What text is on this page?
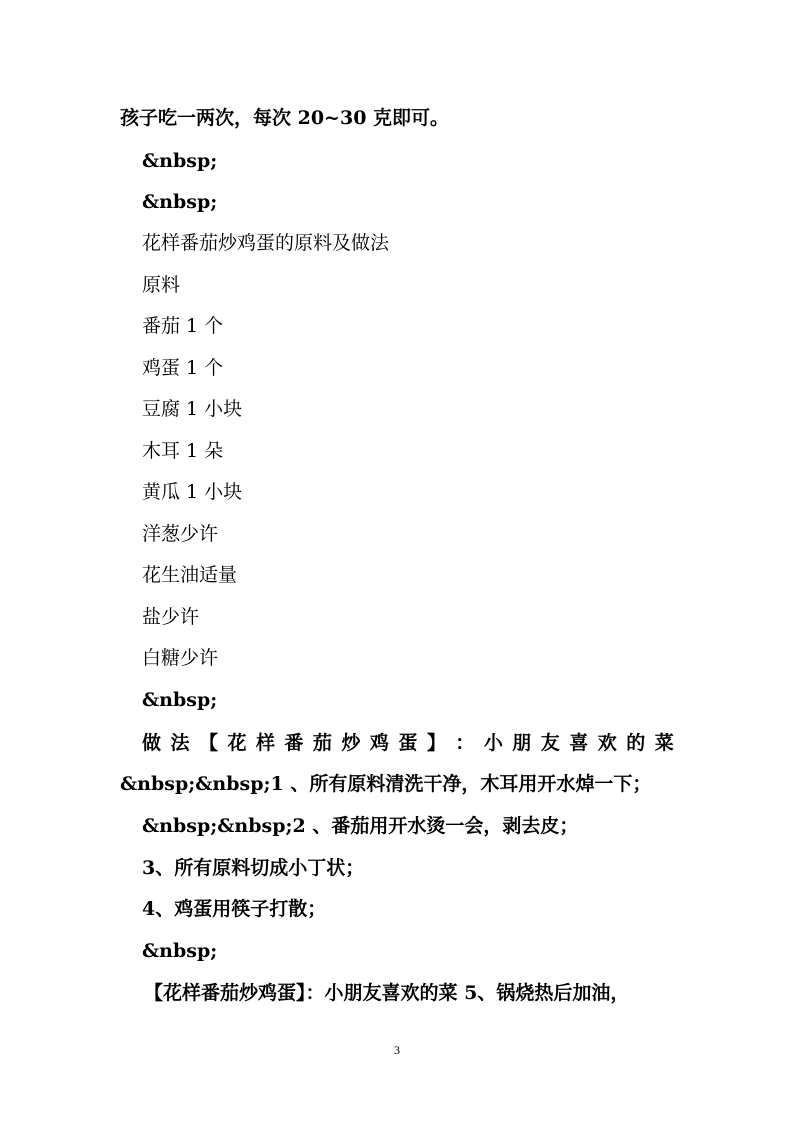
孩子吃一两次，每次 20~30 克即可。
&nbsp;
&nbsp;
花样番茄炒鸡蛋的原料及做法
原料
番茄 1 个
鸡蛋 1 个
豆腐 1 小块
木耳 1 朵
黄瓜 1 小块
洋葱少许
花生油适量
盐少许
白糖少许
&nbsp;
做 法 【 花 样 番 茄 炒 鸡 蛋 】 ： 小 朋 友 喜 欢 的 菜
&nbsp;&nbsp;1 、所有原料清洗干净，木耳用开水焯一下；
&nbsp;&nbsp;2 、番茄用开水烫一会，剥去皮；
3、所有原料切成小丁状；
4、鸡蛋用筷子打散；
&nbsp;
【花样番茄炒鸡蛋】：小朋友喜欢的菜 5、锅烧热后加油，
3
